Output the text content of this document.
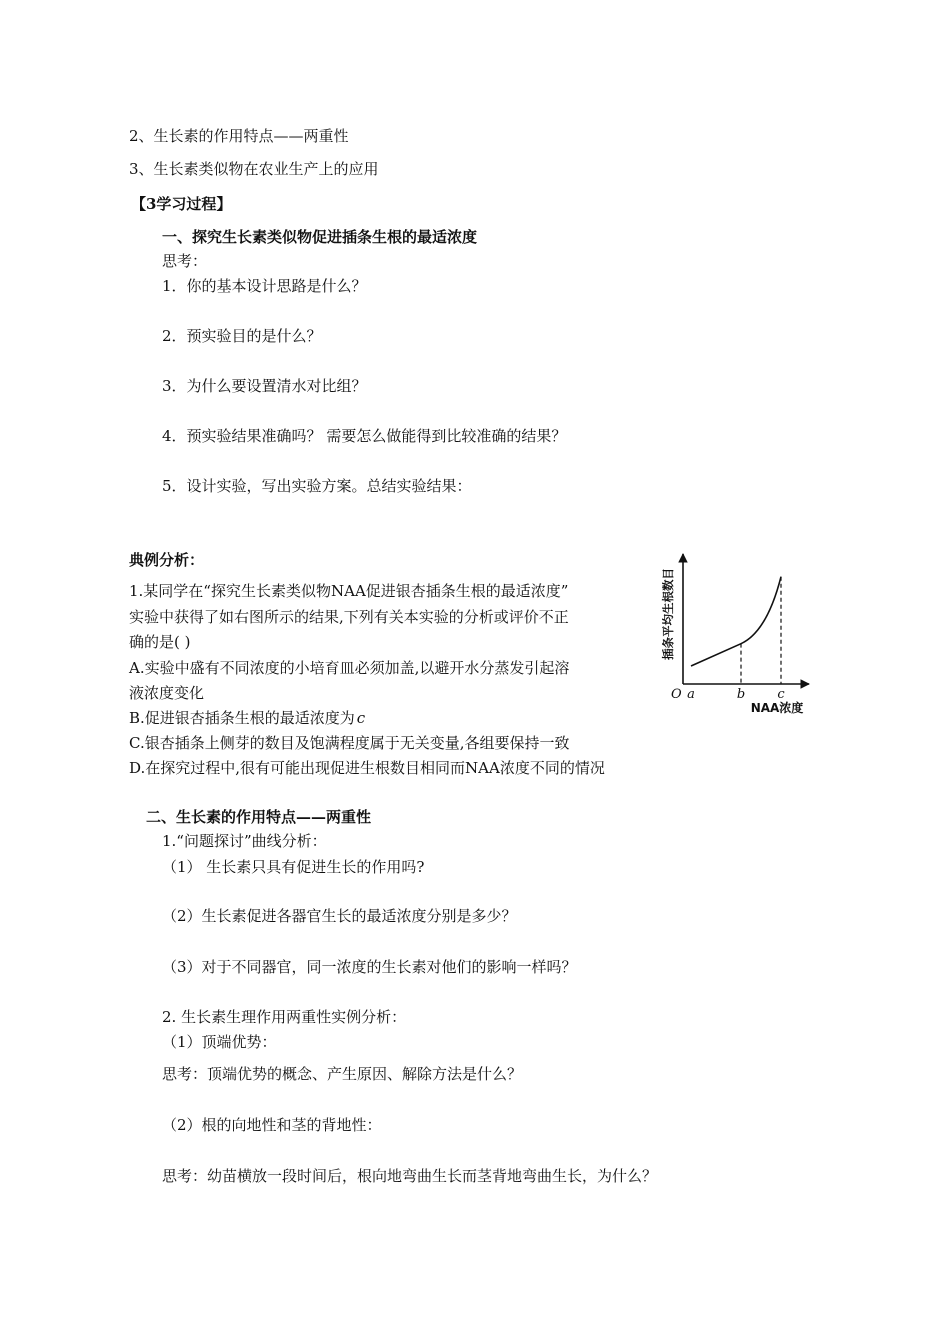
2、生长素的作用特点——两重性
3、生长素类似物在农业生产上的应用
【3学习过程】
一、探究生长素类似物促进插条生根的最适浓度
思考：
1．你的基本设计思路是什么？
2．预实验目的是什么？
3．为什么要设置清水对比组？
4．预实验结果准确吗？ 需要怎么做能得到比较准确的结果？
5．设计实验，写出实验方案。总结实验结果：
典例分析：
1.某同学在“探究生长素类似物NAA促进银杏插条生根的最适浓度”
实验中获得了如右图所示的结果,下列有关本实验的分析或评价不正
确的是( )
A.实验中盛有不同浓度的小培育皿必须加盖,以避开水分蒸发引起溶
液浓度变化
B.促进银杏插条生根的最适浓度为 c
C.银杏插条上侧芽的数目及饱满程度属于无关变量,各组要保持一致
D.在探究过程中,很有可能出现促进生根数目相同而NAA浓度不同的情况
插条平均生根数目
O
NAA浓度
a	b c
二、生长素的作用特点——两重性
1.“问题探讨”曲线分析：
（1） 生长素只具有促进生长的作用吗?
（2）生长素促进各器官生长的最适浓度分别是多少？
（3）对于不同器官，同一浓度的生长素对他们的影响一样吗？
2. 生长素生理作用两重性实例分析：
（1）顶端优势：
思考：顶端优势的概念、产生原因、解除方法是什么？
（2）根的向地性和茎的背地性：
思考：幼苗横放一段时间后，根向地弯曲生长而茎背地弯曲生长，为什么？
